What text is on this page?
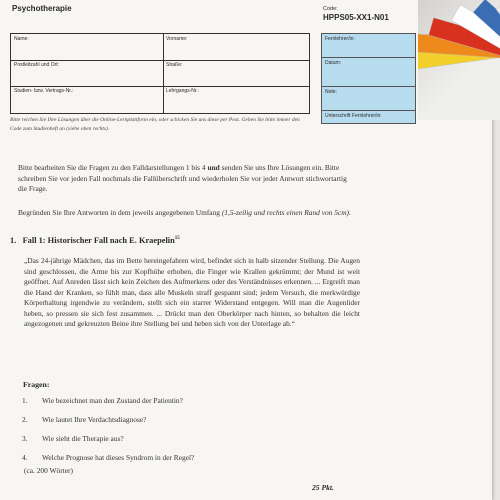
Psychotherapie	Code:
HPPS05-XX1-N01
Name:	Vorname:
Postleitzahl und Ort:	Straße:
Studien- bzw. Vertrags-Nr.:	Lehrgangs-Nr.:
Fernlehrer/in:
Datum:
Note:
Unterschrift Fernlehrer/in:
Bitte reichen Sie Ihre Lösungen über die Online-Lernplattform ein, oder schicken Sie uns diese per Post. Geben Sie bitte immer den Code zum Studienheft an (siehe oben rechts).
Bitte bearbeiten Sie die Fragen zu den Falldarstellungen 1 bis 4 und senden Sie uns Ihre Lösungen ein. Bitte schreiben Sie vor jeden Fall nochmals die Fallüberschrift und wiederholen Sie vor jeder Antwort stichwortartig die Frage.
Begründen Sie Ihre Antworten in dem jeweils angegebenen Umfang (1,5-zeilig und rechts einen Rand von 5cm).
1. Fall 1: Historischer Fall nach E. Kraepelin$^{15}$
„Das 24-jährige Mädchen, das im Bette hereingefahren wird, befindet sich in halb sitzender Stellung. Die Augen sind geschlossen, die Arme bis zur Kopfhöhe erhoben, die Finger wie Krallen gekrümmt; der Mund ist weit geöffnet. Auf Anreden lässt sich kein Zeichen des Aufmerkens oder des Verständnisses erkennen. ... Ergreift man die Hand der Kranken, so fühlt man, dass alle Muskeln straff gespannt sind; jedem Versuch, die merkwürdige Körperhaltung irgendwie zu verändern, stellt sich ein starrer Widerstand entgegen. Will man die Augenlider heben, so pressen sie sich fest zusammen. ... Drückt man den Oberkörper nach hinten, so behalten die leicht angezogenen und gekreuzten Beine ihre Stellung bei und heben sich von der Unterlage ab.“
Fragen:
1.	Wie bezeichnet man den Zustand der Patientin?
2.	Wie lautet Ihre Verdachtsdiagnose?
3.	Wie sieht die Therapie aus?
4.	Welche Prognose hat dieses Syndrom in der Regel?
(ca. 200 Wörter)
25 Pkt.
